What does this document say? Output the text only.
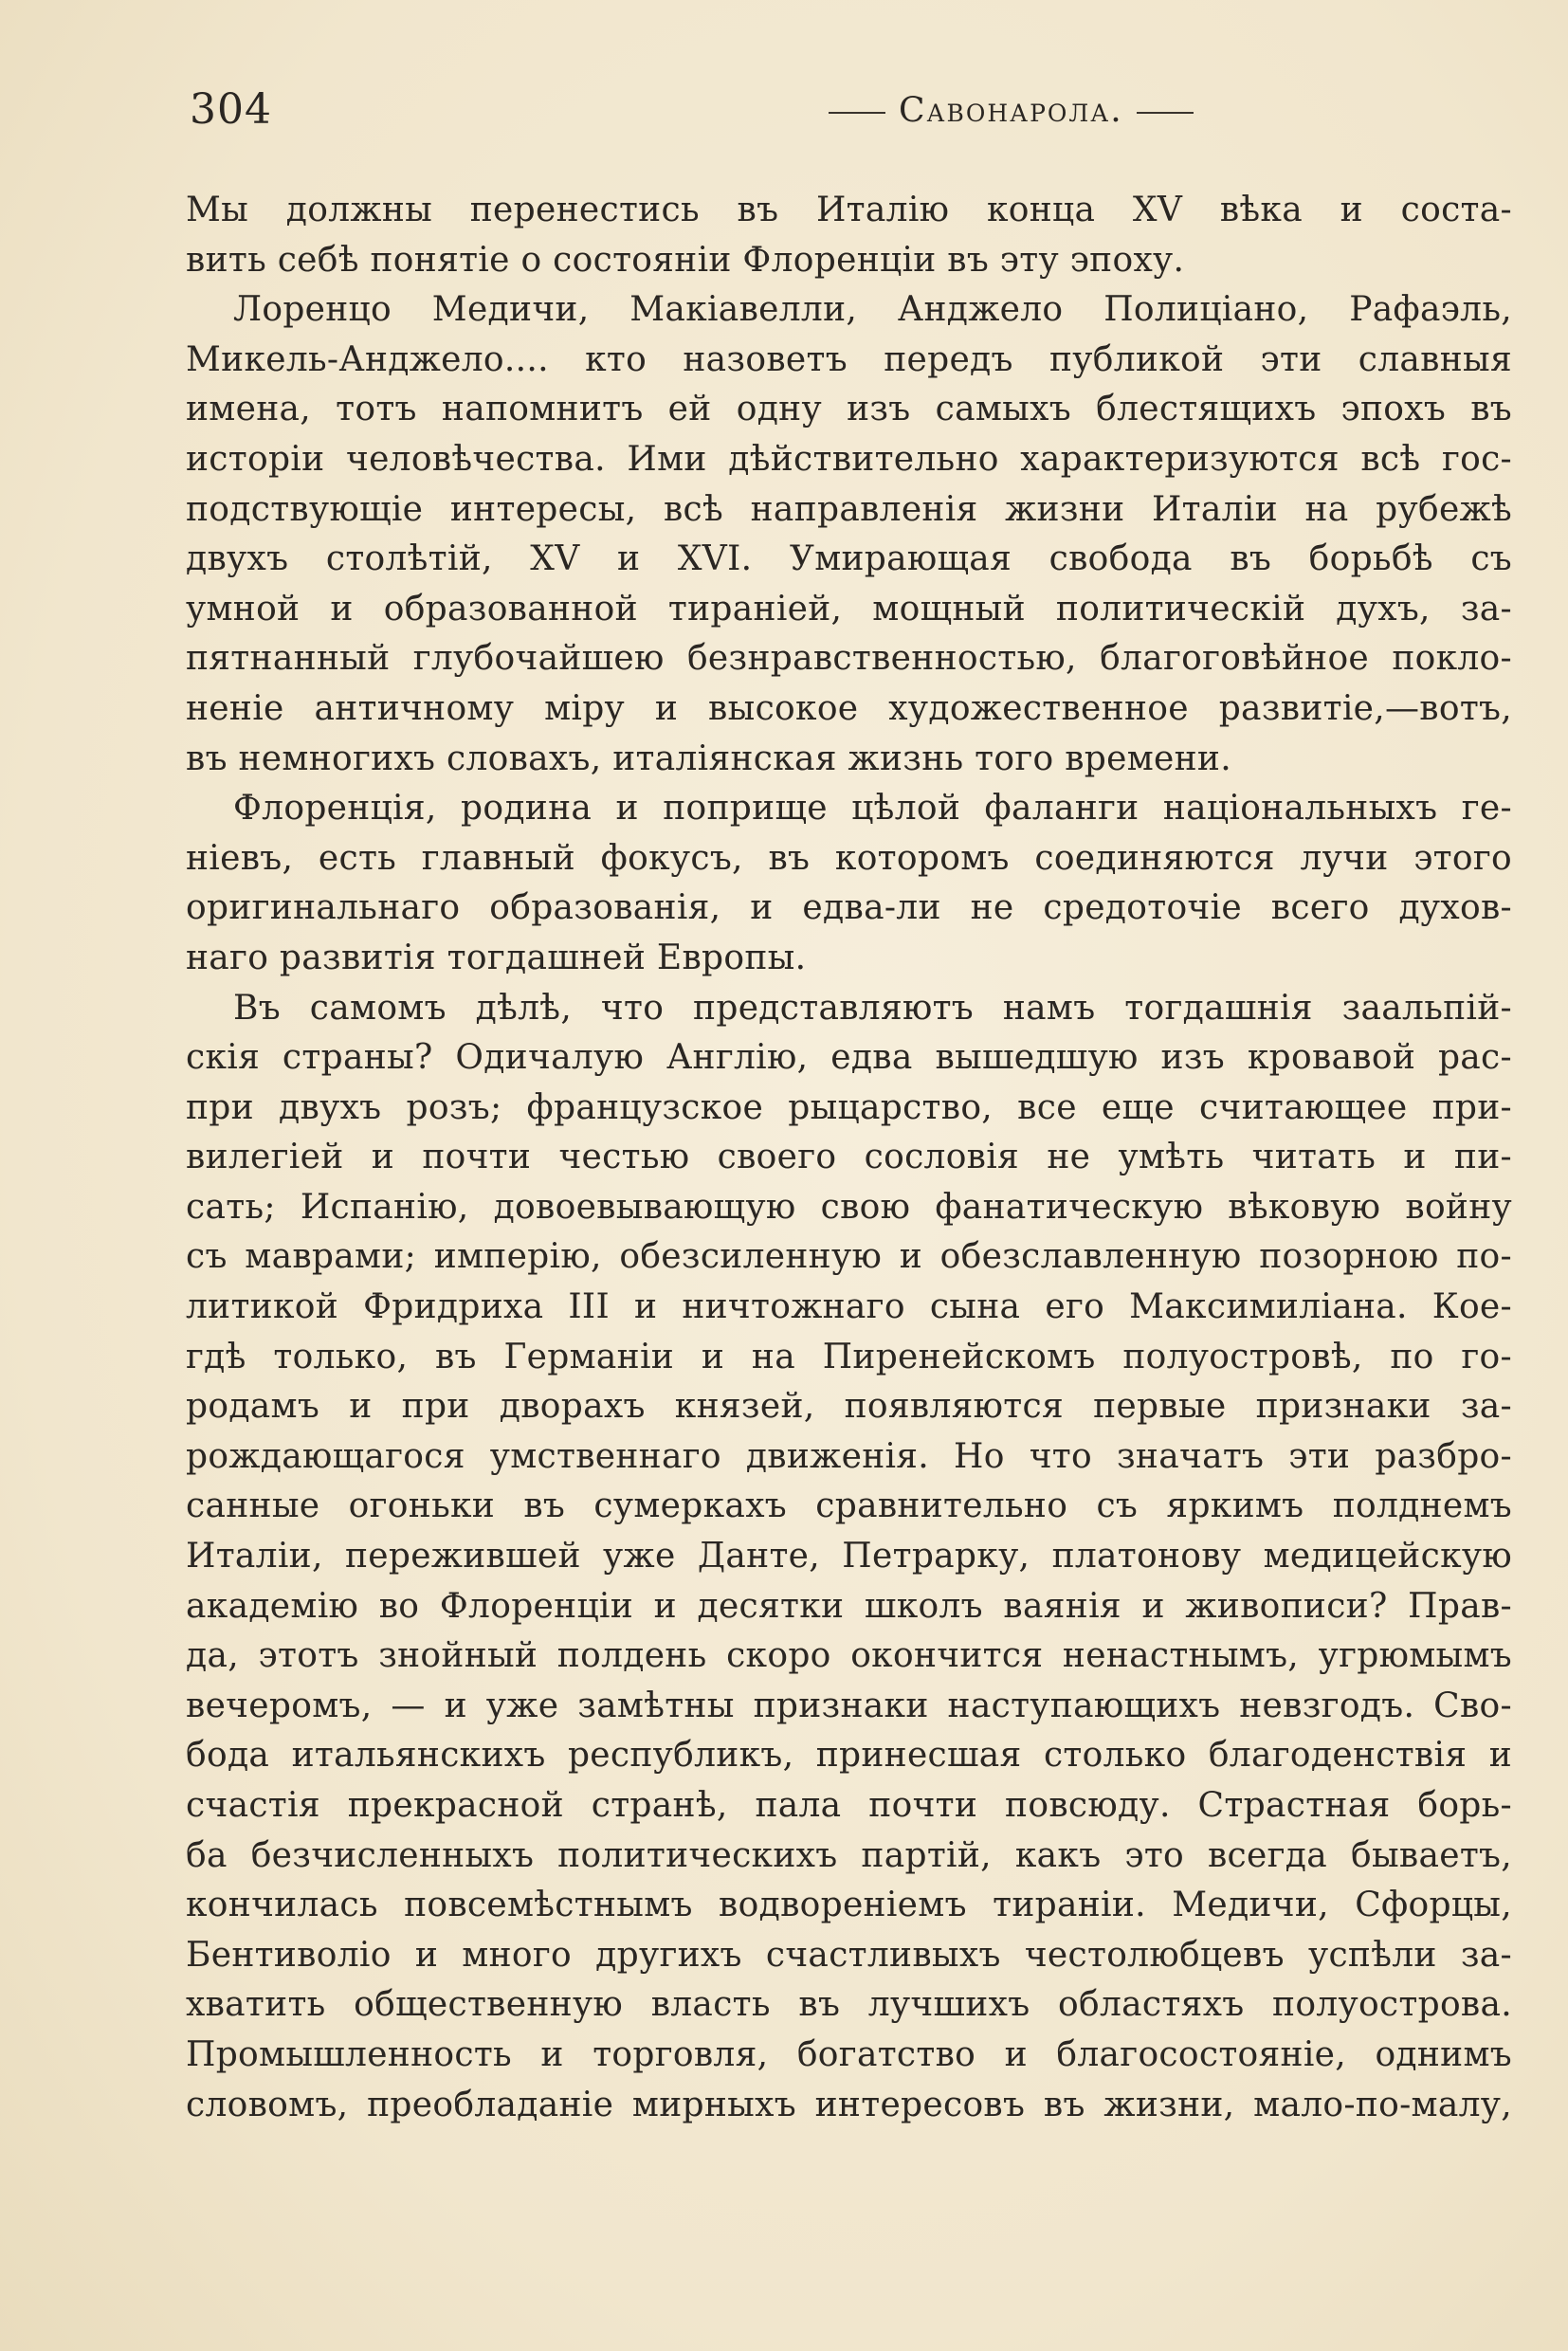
304	Савонарола.
Мы должны перенестись въ Италію конца XV вѣка и соста-
вить себѣ понятіе о состояніи Флоренціи въ эту эпоху.
Лоренцо Медичи, Макіавелли, Анджело Полиціано, Рафаэль,
Микель-Анджело.... кто назоветъ передъ публикой эти славныя
имена, тотъ напомнитъ ей одну изъ самыхъ блестящихъ эпохъ въ
исторіи человѣчества. Ими дѣйствительно характеризуются всѣ гос-
подствующіе интересы, всѣ направленія жизни Италіи на рубежѣ
двухъ столѣтій, XV и XVI. Умирающая свобода въ борьбѣ съ
умной и образованной тираніей, мощный политическій духъ, за-
пятнанный глубочайшею безнравственностью, благоговѣйное покло-
неніе античному міру и высокое художественное развитіе,—вотъ,
въ немногихъ словахъ, италіянская жизнь того времени.
Флоренція, родина и поприще цѣлой фаланги національныхъ ге-
ніевъ, есть главный фокусъ, въ которомъ соединяются лучи этого
оригинальнаго образованія, и едва-ли не средоточіе всего духов-
наго развитія тогдашней Европы.
Въ самомъ дѣлѣ, что представляютъ намъ тогдашнія заальпій-
скія страны? Одичалую Англію, едва вышедшую изъ кровавой рас-
при двухъ розъ; французское рыцарство, все еще считающее при-
вилегіей и почти честью своего сословія не умѣть читать и пи-
сать; Испанію, довоевывающую свою фанатическую вѣковую войну
съ маврами; имперію, обезсиленную и обезславленную позорною по-
литикой Фридриха III и ничтожнаго сына его Максимиліана. Кое-
гдѣ только, въ Германіи и на Пиренейскомъ полуостровѣ, по го-
родамъ и при дворахъ князей, появляются первые признаки за-
рождающагося умственнаго движенія. Но что значатъ эти разбро-
санные огоньки въ сумеркахъ сравнительно съ яркимъ полднемъ
Италіи, пережившей уже Данте, Петрарку, платонову медицейскую
академію во Флоренціи и десятки школъ ваянія и живописи? Прав-
да, этотъ знойный полдень скоро окончится ненастнымъ, угрюмымъ
вечеромъ, — и уже замѣтны признаки наступающихъ невзгодъ. Сво-
бода итальянскихъ республикъ, принесшая столько благоденствія и
счастія прекрасной странѣ, пала почти повсюду. Страстная борь-
ба безчисленныхъ политическихъ партій, какъ это всегда бываетъ,
кончилась повсемѣстнымъ водвореніемъ тираніи. Медичи, Сфорцы,
Бентиволіо и много другихъ счастливыхъ честолюбцевъ успѣли за-
хватить общественную власть въ лучшихъ областяхъ полуострова.
Промышленность и торговля, богатство и благосостояніе, однимъ
словомъ, преобладаніе мирныхъ интересовъ въ жизни, мало-по-малу,
